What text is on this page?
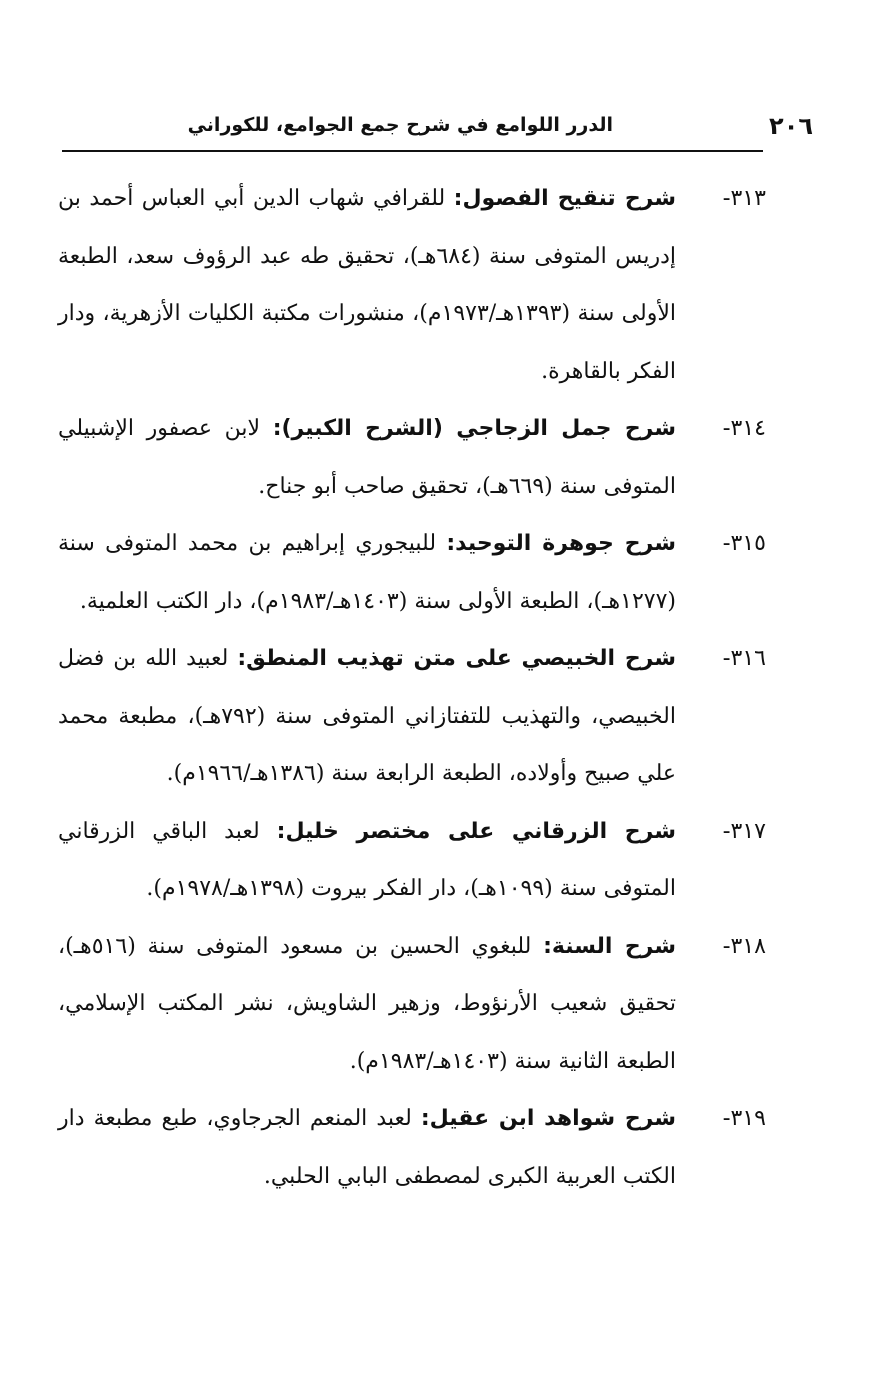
٢٠٦
الدرر اللوامع في شرح جمع الجوامع، للكوراني
٣١٣-
شرح تنقيح الفصول: للقرافي شهاب الدين أبي العباس أحمد بن إدريس المتوفى سنة (٦٨٤هـ)، تحقيق طه عبد الرؤوف سعد، الطبعة الأولى سنة (١٣٩٣هـ/١٩٧٣م)، منشورات مكتبة الكليات الأزهرية، ودار الفكر بالقاهرة.
٣١٤-
شرح جمل الزجاجي (الشرح الكبير): لابن عصفور الإشبيلي المتوفى سنة (٦٦٩هـ)، تحقيق صاحب أبو جناح.
٣١٥-
شرح جوهرة التوحيد: للبيجوري إبراهيم بن محمد المتوفى سنة (١٢٧٧هـ)، الطبعة الأولى سنة (١٤٠٣هـ/١٩٨٣م)، دار الكتب العلمية.
٣١٦-
شرح الخبيصي على متن تهذيب المنطق: لعبيد الله بن فضل الخبيصي، والتهذيب للتفتازاني المتوفى سنة (٧٩٢هـ)، مطبعة محمد علي صبيح وأولاده، الطبعة الرابعة سنة (١٣٨٦هـ/١٩٦٦م).
٣١٧-
شرح الزرقاني على مختصر خليل: لعبد الباقي الزرقاني المتوفى سنة (١٠٩٩هـ)، دار الفكر بيروت (١٣٩٨هـ/١٩٧٨م).
٣١٨-
شرح السنة: للبغوي الحسين بن مسعود المتوفى سنة (٥١٦هـ)، تحقيق شعيب الأرنؤوط، وزهير الشاويش، نشر المكتب الإسلامي، الطبعة الثانية سنة (١٤٠٣هـ/١٩٨٣م).
٣١٩-
شرح شواهد ابن عقيل: لعبد المنعم الجرجاوي، طبع مطبعة دار الكتب العربية الكبرى لمصطفى البابي الحلبي.
